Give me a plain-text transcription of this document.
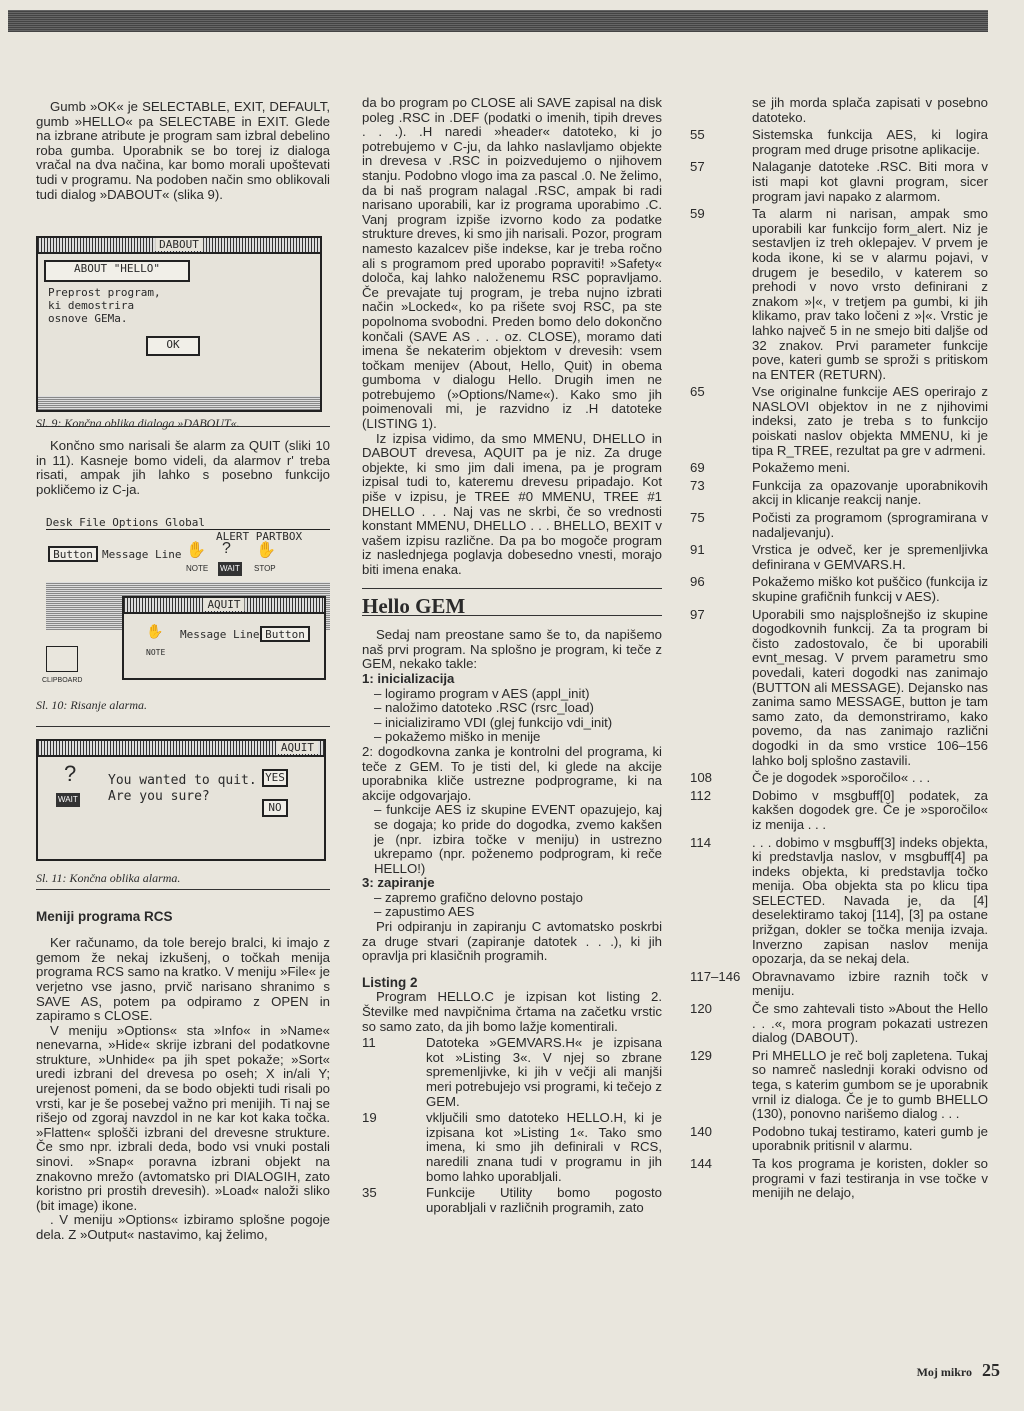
Gumb »OK« je SELECTABLE, EXIT, DEFAULT, gumb »HELLO« pa SELECTABE in EXIT. Glede na izbrane atribute je program sam izbral debelino roba gumba. Uporabnik se bo torej iz dialoga vračal na dva načina, kar bomo morali upoštevati tudi v programu. Na podoben način smo oblikovali tudi dialog »DABOUT« (slika 9).

DABOUT
ABOUT "HELLO"
Preprost program,
ki demostrira
osnove GEMa.
OK
Sl. 9: Končna oblika dialoga »DABOUT«.

Končno smo narisali še alarm za QUIT (sliki 10 in 11). Kasneje bomo videli, da alarmov r' treba risati, ampak jih lahko s posebno funkcijo pokličemo iz C-ja.

Desk File Options Global
ALERT PARTBOX
Button Message Line ✋ ? ✋
NOTE WAIT STOP
AQUIT
✋ Message Line Button
NOTE
CLIPBOARD
Sl. 10: Risanje alarma.
AQUIT
?
WAIT
You wanted to quit.
Are you sure?
YES
NO
Sl. 11: Končna oblika alarma.
Meniji programa RCS

Ker računamo, da tole berejo bralci, ki imajo z gemom že nekaj izkušenj, o točkah menija programa RCS samo na kratko. V meniju »File« je verjetno vse jasno, prvič narisano shranimo s SAVE AS, potem pa odpiramo z OPEN in zapiramo s CLOSE.

V meniju »Options« sta »Info« in »Name« nenevarna, »Hide« skrije izbrani del podatkovne strukture, »Unhide« pa jih spet pokaže; »Sort« uredi izbrani del drevesa po oseh; X in/ali Y; urejenost pomeni, da se bodo objekti tudi risali po vrsti, kar je še posebej važno pri menijih. Ti naj se rišejo od zgoraj navzdol in ne kar kot kaka točka. »Flatten« splošči izbrani del drevesne strukture. Če smo npr. izbrali deda, bodo vsi vnuki postali sinovi. »Snap« poravna izbrani objekt na znakovno mrežo (avtomatsko pri DIALOGIH, zato koristno pri prostih drevesih). »Load« naloži sliko (bit image) ikone.

. V meniju »Options« izbiramo splošne pogoje dela. Z »Output« nastavimo, kaj želimo,

da bo program po CLOSE ali SAVE zapisal na disk poleg .RSC in .DEF (podatki o imenih, tipih dreves . . .). .H naredi »header« datoteko, ki jo potrebujemo v C-ju, da lahko naslavljamo objekte in drevesa v .RSC in poizvedujemo o njihovem stanju. Podobno vlogo ima za pascal .0. Ne želimo, da bi naš program nalagal .RSC, ampak bi radi narisano uporabili, kar iz programa uporabimo .C. Vanj program izpiše izvorno kodo za podatke strukture dreves, ki smo jih narisali. Pozor, program namesto kazalcev piše indekse, kar je treba ročno ali s programom pred uporabo popraviti! »Safety« določa, kaj lahko naloženemu RSC popravljamo. Če prevajate tuj program, je treba nujno izbrati način »Locked«, ko pa rišete svoj RSC, pa ste popolnoma svobodni. Preden bomo delo dokončno končali (SAVE AS . . . oz. CLOSE), moramo dati imena še nekaterim objektom v drevesih: vsem točkam menijev (About, Hello, Quit) in obema gumboma v dialogu Hello. Drugih imen ne potrebujemo (»Options/Name«). Kako smo jih poimenovali mi, je razvidno iz .H datoteke (LISTING 1).

Iz izpisa vidimo, da smo MMENU, DHELLO in DABOUT drevesa, AQUIT pa je niz. Za druge objekte, ki smo jim dali imena, pa je program izpisal tudi to, kateremu drevesu pripadajo. Kot piše v izpisu, je TREE #0 MMENU, TREE #1 DHELLO . . . Naj vas ne skrbi, če so vrednosti konstant MMENU, DHELLO . . . BHELLO, BEXIT v vašem izpisu različne. Da pa bo mogoče program iz naslednjega poglavja dobesedno vnesti, morajo biti imena enaka.

Hello GEM

Sedaj nam preostane samo še to, da napišemo naš prvi program. Na splošno je program, ki teče z GEM, nekako takle:

1: inicializacija

– logiramo program v AES (appl_init)

– naložimo datoteko .RSC (rsrc_load)

– inicializiramo VDI (glej funkcijo vdi_init)

– pokažemo miško in menije

2: dogodkovna zanka je kontrolni del programa, ki teče z GEM. To je tisti del, ki glede na akcije uporabnika kliče ustrezne podprograme, ki na akcije odgovarjajo.

– funkcije AES iz skupine EVENT opazujejo, kaj se dogaja; ko pride do dogodka, zvemo kakšen je (npr. izbira točke v meniju) in ustrezno ukrepamo (npr. poženemo podprogram, ki reče HELLO!)

3: zapiranje

– zapremo grafično delovno postajo

– zapustimo AES

Pri odpiranju in zapiranju C avtomatsko poskrbi za druge stvari (zapiranje datotek . . .), ki jih opravlja pri klasičnih programih.

Listing 2

Program HELLO.C je izpisan kot listing 2. Številke med navpičnima črtama na začetku vrstic so samo zato, da jih bomo lažje komentirali.

11	Datoteka »GEMVARS.H« je izpisana kot »Listing 3«. V njej so zbrane spremenljivke, ki jih v večji ali manjši meri potrebujejo vsi programi, ki tečejo z GEM.

19	vključili smo datoteko HELLO.H, ki je izpisana kot »Listing 1«. Tako smo imena, ki smo jih definirali v RCS, naredili znana tudi v programu in jih bomo lahko uporabljali.

35	Funkcije Utility bomo pogosto uporabljali v različnih programih, zato

se jih morda splača zapisati v posebno datoteko.

55	Sistemska funkcija AES, ki logira program med druge prisotne aplikacije.

57	Nalaganje datoteke .RSC. Biti mora v isti mapi kot glavni program, sicer program javi napako z alarmom.

59	Ta alarm ni narisan, ampak smo uporabili kar funkcijo form_alert. Niz je sestavljen iz treh oklepajev. V prvem je koda ikone, ki se v alarmu pojavi, v drugem je besedilo, v katerem so prehodi v novo vrsto definirani z znakom »|«, v tretjem pa gumbi, ki jih klikamo, prav tako ločeni z »|«. Vrstic je lahko največ 5 in ne smejo biti daljše od 32 znakov. Prvi parameter funkcije pove, kateri gumb se sproži s pritiskom na ENTER (RETURN).

65	Vse originalne funkcije AES operirajo z NASLOVI objektov in ne z njihovimi indeksi, zato je treba s to funkcijo poiskati naslov objekta MMENU, ki je tipa R_TREE, rezultat pa gre v adrmeni.

69	Pokažemo meni.

73	Funkcija za opazovanje uporabnikovih akcij in klicanje reakcij nanje.

75	Počisti za programom (sprogramirana v nadaljevanju).

91	Vrstica je odveč, ker je spremenljivka definirana v GEMVARS.H.

96	Pokažemo miško kot puščico (funkcija iz skupine grafičnih funkcij v AES).

97	Uporabili smo najsplošnejšo iz skupine dogodkovnih funkcij. Za ta program bi čisto zadostovalo, če bi uporabili evnt_mesag. V prvem parametru smo povedali, kateri dogodki nas zanimajo (BUTTON ali MESSAGE). Dejansko nas zanima samo MESSAGE, button je tam samo zato, da demonstriramo, kako povemo, da nas zanimajo različni dogodki in da smo vrstice 106–156 lahko bolj splošno zastavili.

108	Če je dogodek »sporočilo« . . .

112	Dobimo v msgbuff[0] podatek, za kakšen dogodek gre. Če je »sporočilo« iz menija . . .

114	. . . dobimo v msgbuff[3] indeks objekta, ki predstavlja naslov, v msgbuff[4] pa indeks objekta, ki predstavlja točko menija. Oba objekta sta po klicu tipa SELECTED. Navada je, da [4] deselektiramo takoj [114], [3] pa ostane prižgan, dokler se točka menija izvaja. Inverzno zapisan naslov menija opozarja, da se nekaj dela.

117–146 Obravnavamo izbire raznih točk v meniju.

120	Če smo zahtevali tisto »About the Hello . . .«, mora program pokazati ustrezen dialog (DABOUT).

129	Pri MHELLO je reč bolj zapletena. Tukaj so namreč naslednji koraki odvisno od tega, s katerim gumbom se je uporabnik vrnil iz dialoga. Če je to gumb BHELLO (130), ponovno narišemo dialog . . .

140	Podobno tukaj testiramo, kateri gumb je uporabnik pritisnil v alarmu.

144	Ta kos programa je koristen, dokler so programi v fazi testiranja in vse točke v menijih ne delajo,

Moj mikro 25
